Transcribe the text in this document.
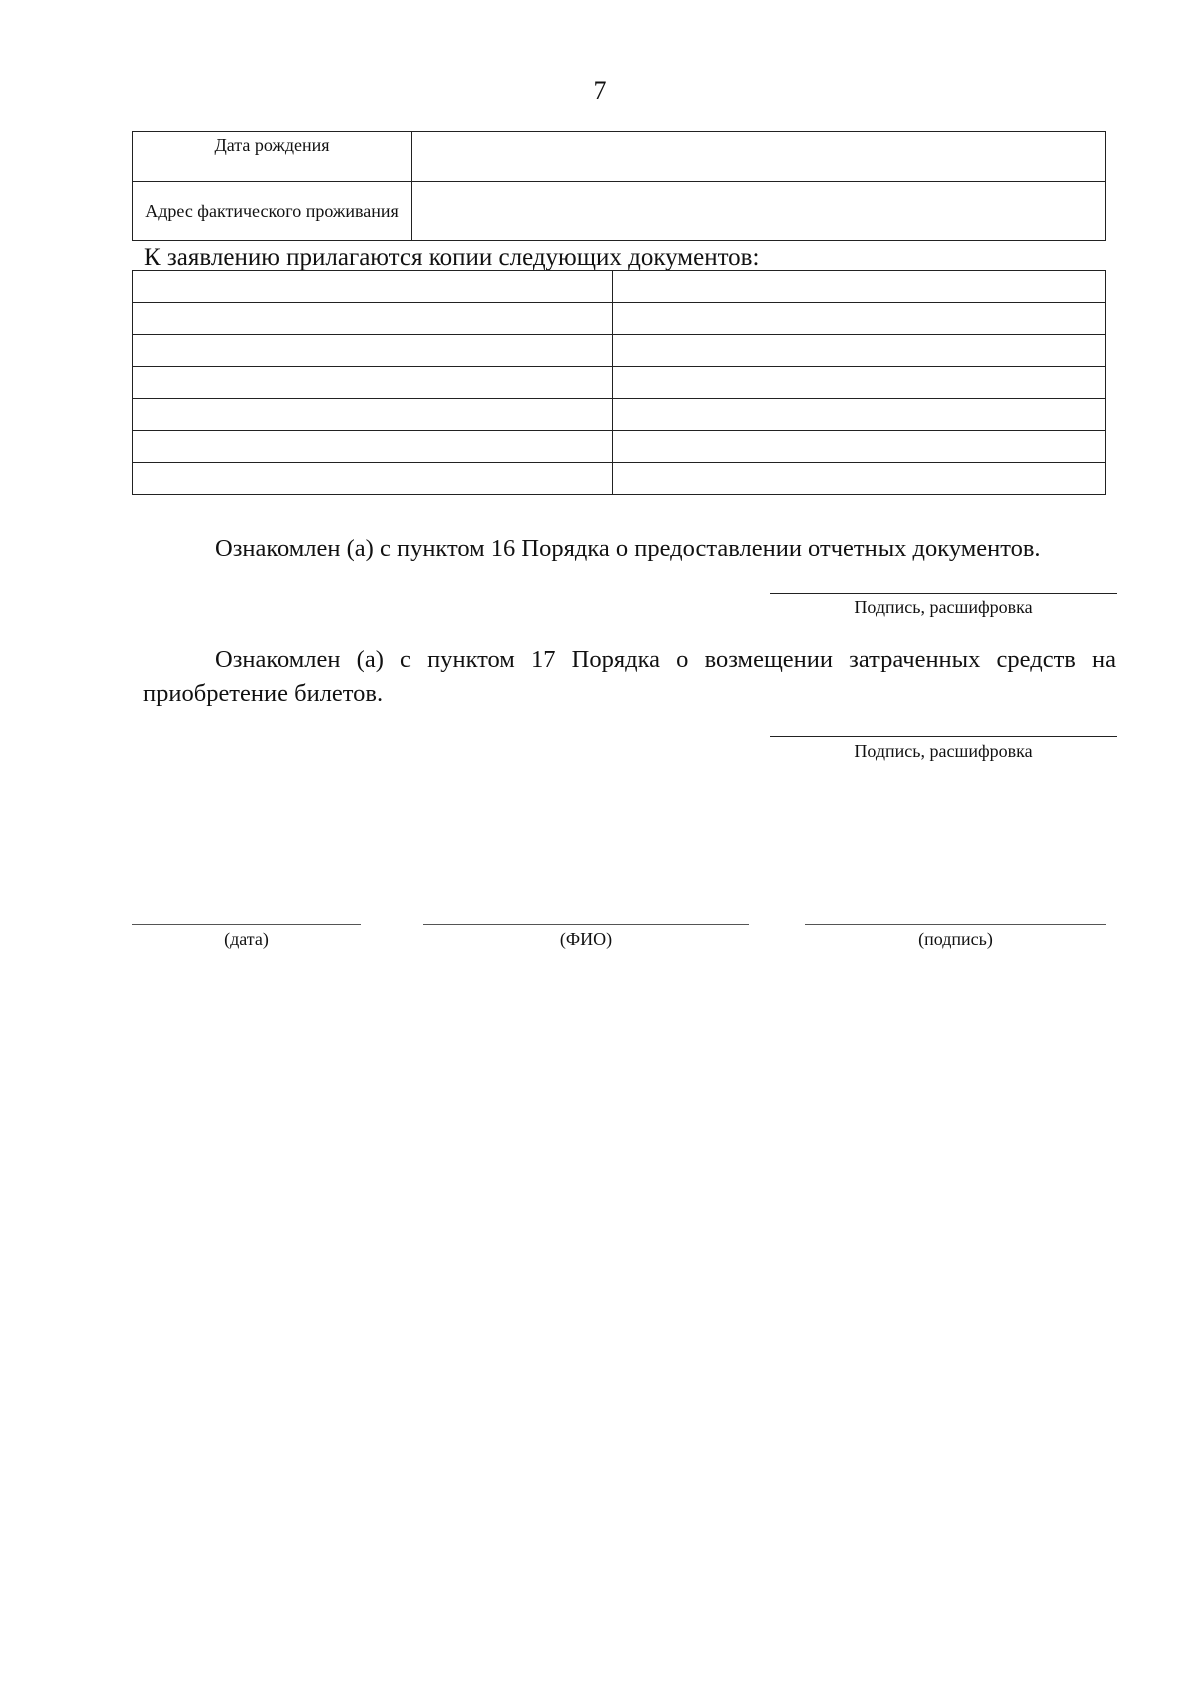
7
Дата рождения	
Адрес фактического проживания	
К заявлению прилагаются копии следующих документов:

Ознакомлен (а) с пунктом 16 Порядка о предоставлении отчетных документов.
Подпись, расшифровка
Ознакомлен (а) с пунктом 17 Порядка о возмещении затраченных средств на приобретение билетов.
Подпись, расшифровка
(дата)	(ФИО)	(подпись)
